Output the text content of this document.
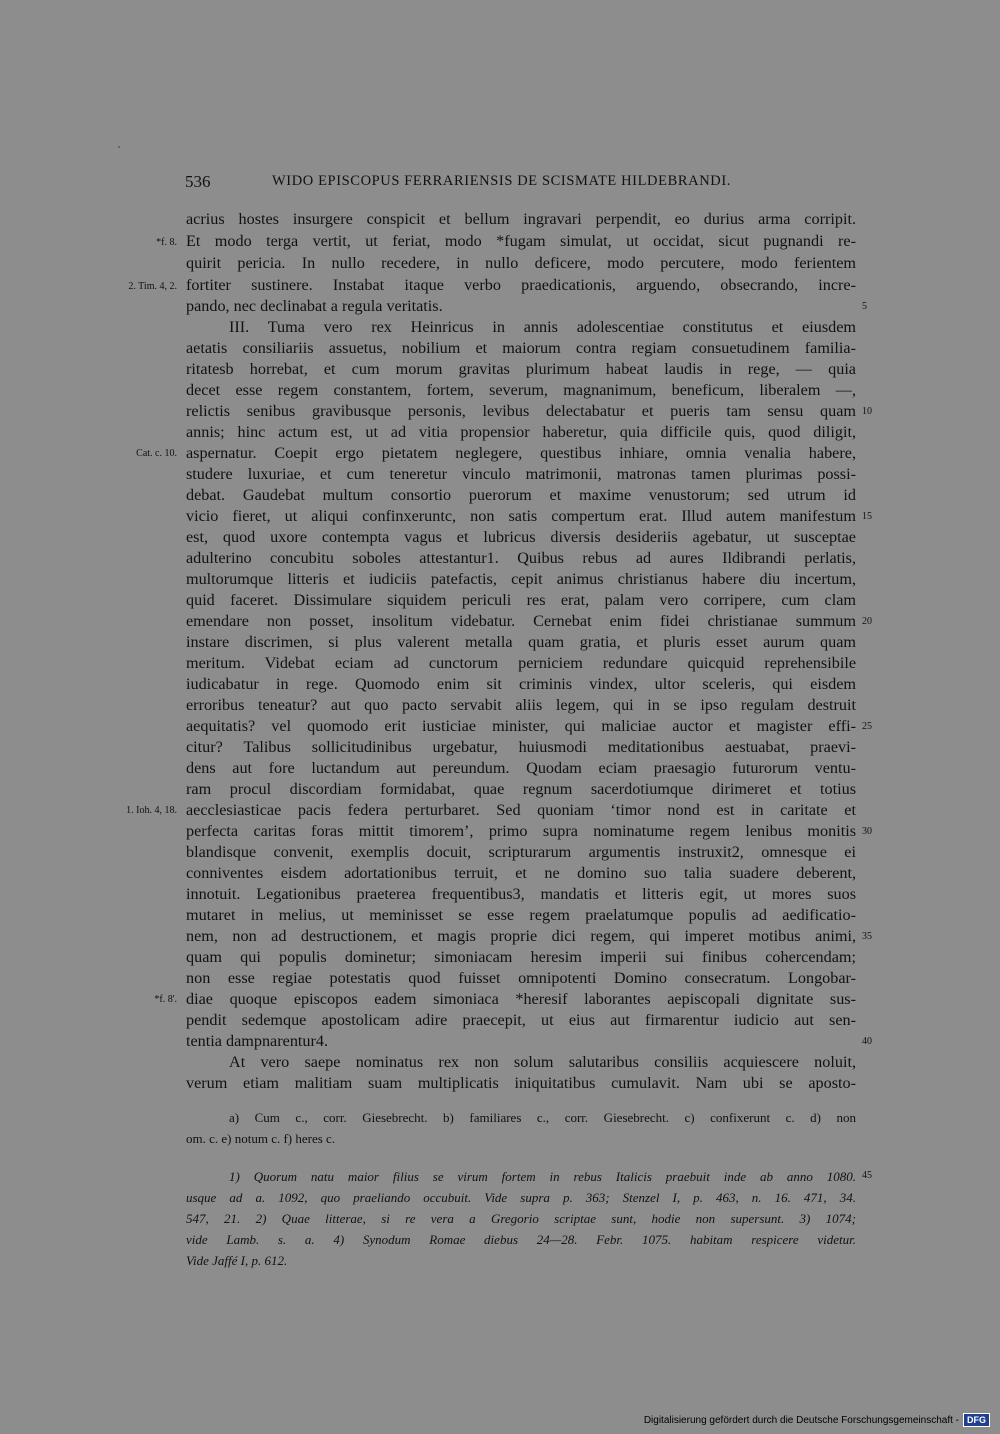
536	WIDO EPISCOPUS FERRARIENSIS DE SCISMATE HILDEBRANDI.
acrius hostes insurgere conspicit et bellum ingravari perpendit, eo durius arma corripit.
Et modo terga vertit, ut feriat, modo *fugam simulat, ut occidat, sicut pugnandi re-
quirit pericia. In nullo recedere, in nullo deficere, modo percutere, modo ferientem
fortiter sustinere. Instabat itaque verbo praedicationis, arguendo, obsecrando, incre-
pando, nec declinabat a regula veritatis.
III. Tuma vero rex Heinricus in annis adolescentiae constitutus et eiusdem
aetatis consiliariis assuetus, nobilium et maiorum contra regiam consuetudinem familia-
ritatesb horrebat, et cum morum gravitas plurimum habeat laudis in rege, — quia
decet esse regem constantem, fortem, severum, magnanimum, beneficum, liberalem —,
relictis senibus gravibusque personis, levibus delectabatur et pueris tam sensu quam
annis; hinc actum est, ut ad vitia propensior haberetur, quia difficile quis, quod diligit,
aspernatur. Coepit ergo pietatem neglegere, questibus inhiare, omnia venalia habere,
studere luxuriae, et cum teneretur vinculo matrimonii, matronas tamen plurimas possi-
debat. Gaudebat multum consortio puerorum et maxime venustorum; sed utrum id
vicio fieret, ut aliqui confinxeruntc, non satis compertum erat. Illud autem manifestum
est, quod uxore contempta vagus et lubricus diversis desideriis agebatur, ut susceptae
adulterino concubitu soboles attestantur1. Quibus rebus ad aures Ildibrandi perlatis,
multorumque litteris et iudiciis patefactis, cepit animus christianus habere diu incertum,
quid faceret. Dissimulare siquidem periculi res erat, palam vero corripere, cum clam
emendare non posset, insolitum videbatur. Cernebat enim fidei christianae summum
instare discrimen, si plus valerent metalla quam gratia, et pluris esset aurum quam
meritum. Videbat eciam ad cunctorum perniciem redundare quicquid reprehensibile
iudicabatur in rege. Quomodo enim sit criminis vindex, ultor sceleris, qui eisdem
erroribus teneatur? aut quo pacto servabit aliis legem, qui in se ipso regulam destruit
aequitatis? vel quomodo erit iusticiae minister, qui maliciae auctor et magister effi-
citur? Talibus sollicitudinibus urgebatur, huiusmodi meditationibus aestuabat, praevi-
dens aut fore luctandum aut pereundum. Quodam eciam praesagio futurorum ventu-
ram procul discordiam formidabat, quae regnum sacerdotiumque dirimeret et totius
aecclesiasticae pacis federa perturbaret. Sed quoniam ‘timor nond est in caritate et
perfecta caritas foras mittit timorem’, primo supra nominatume regem lenibus monitis
blandisque convenit, exemplis docuit, scripturarum argumentis instruxit2, omnesque ei
conniventes eisdem adortationibus terruit, et ne domino suo talia suadere deberent,
innotuit. Legationibus praeterea frequentibus3, mandatis et litteris egit, ut mores suos
mutaret in melius, ut meminisset se esse regem praelatumque populis ad aedificatio-
nem, non ad destructionem, et magis proprie dici regem, qui imperet motibus animi,
quam qui populis dominetur; simoniacam heresim imperii sui finibus cohercendam;
non esse regiae potestatis quod fuisset omnipotenti Domino consecratum. Longobar-
diae quoque episcopos eadem simoniaca *heresif laborantes aepiscopali dignitate sus-
pendit sedemque apostolicam adire praecepit, ut eius aut firmarentur iudicio aut sen-
tentia dampnarentur4.
At vero saepe nominatus rex non solum salutaribus consiliis acquiescere noluit,
verum etiam malitiam suam multiplicatis iniquitatibus cumulavit. Nam ubi se aposto-
*f. 8.
2. Tim. 4, 2.
Cat. c. 10.
1. Ioh. 4, 18.
*f. 8'.
5
10
15
20
25
30
35
40
a) Cum c., corr. Giesebrecht. b) familiares c., corr. Giesebrecht. c) confixerunt c. d) non
om. c. e) notum c. f) heres c.
1) Quorum natu maior filius se virum fortem in rebus Italicis praebuit inde ab anno 1080. 45
usque ad a. 1092, quo praeliando occubuit. Vide supra p. 363; Stenzel I, p. 463, n. 16. 471, 34.
547, 21. 2) Quae litterae, si re vera a Gregorio scriptae sunt, hodie non supersunt. 3) 1074;
vide Lamb. s. a. 4) Synodum Romae diebus 24—28. Febr. 1075. habitam respicere videtur.
Vide Jaffé I, p. 612.
Digitalisierung gefördert durch die Deutsche Forschungsgemeinschaft - DFG
